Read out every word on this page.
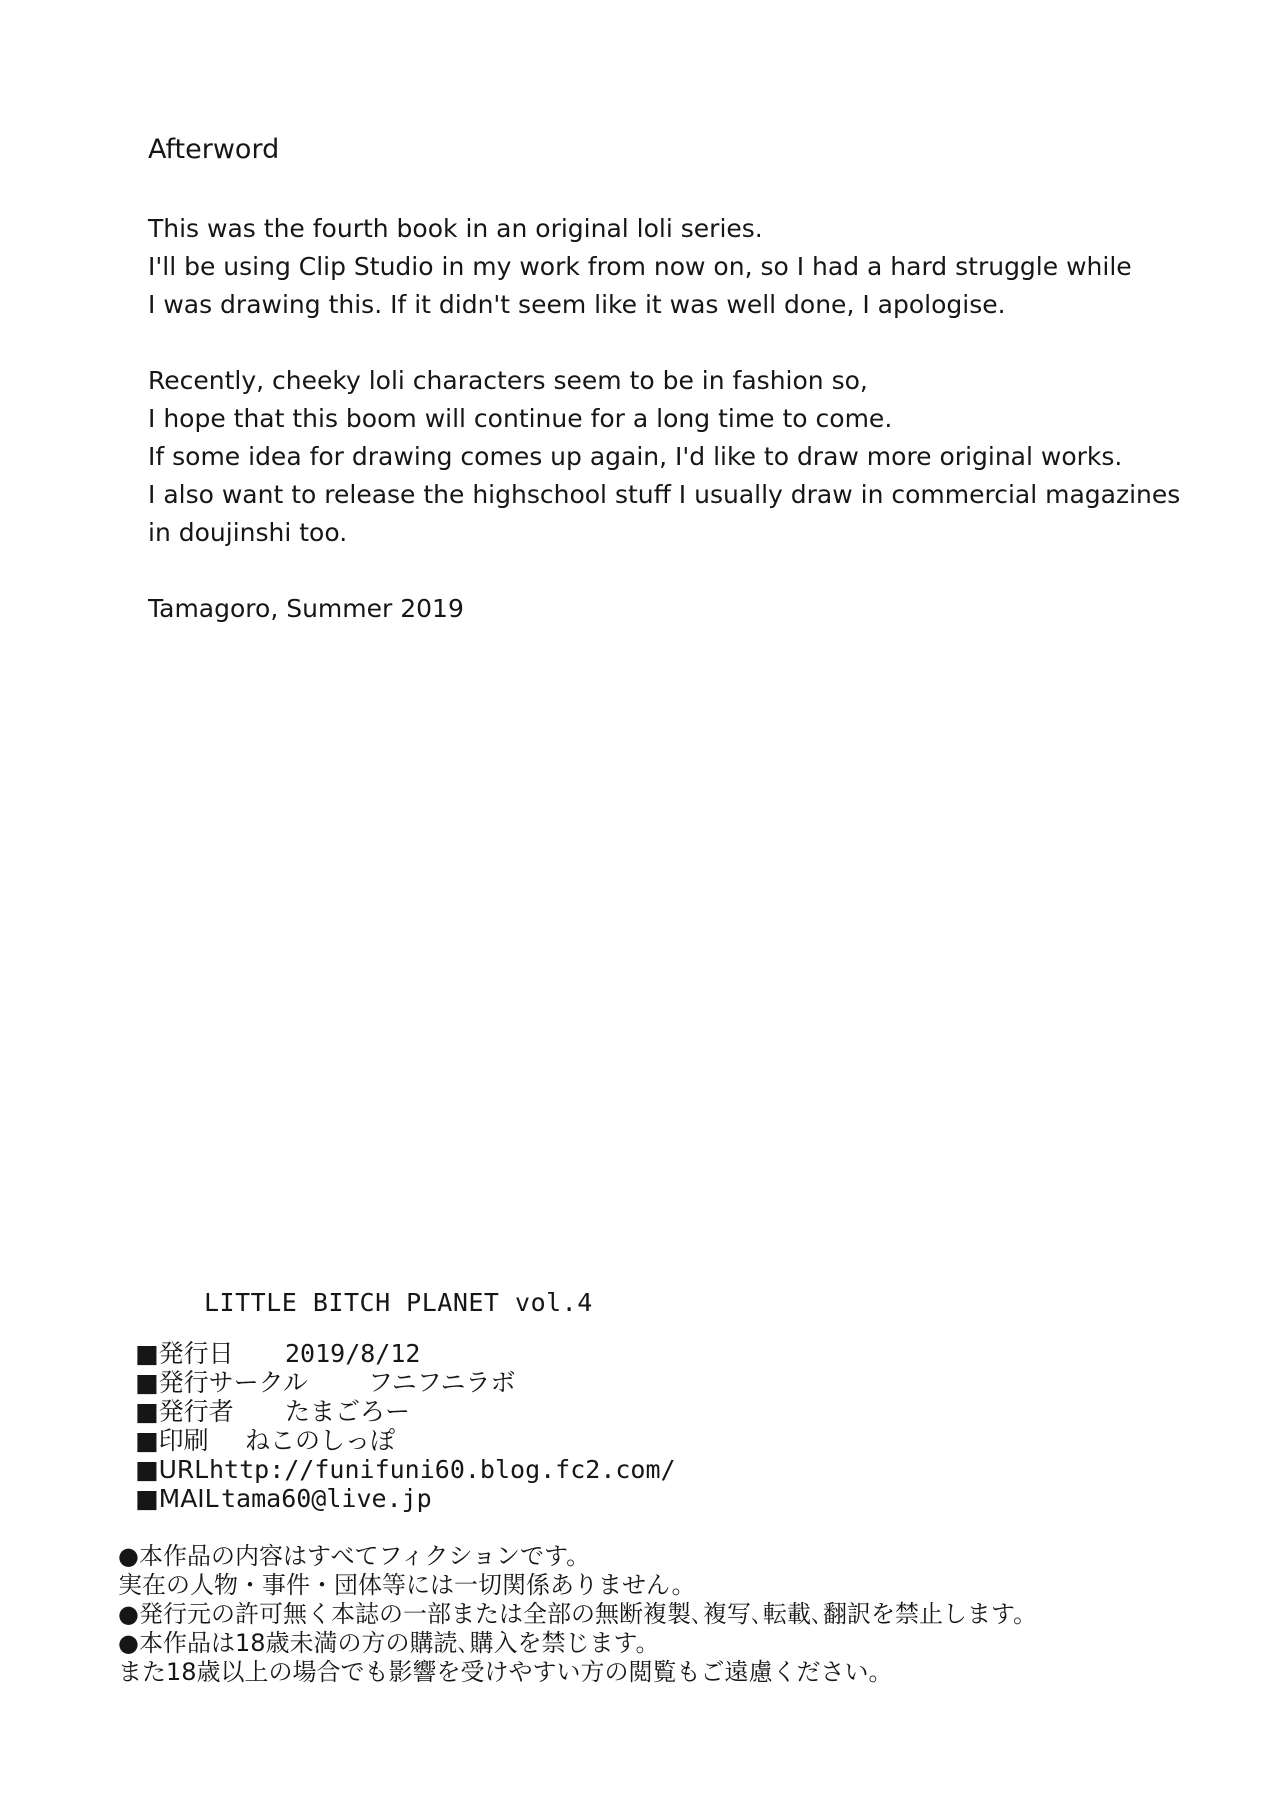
Afterword
This was the fourth book in an original loli series.
I'll be using Clip Studio in my work from now on, so I had a hard struggle while
I was drawing this. If it didn't seem like it was well done, I apologise.
Recently, cheeky loli characters seem to be in fashion so,
I hope that this boom will continue for a long time to come.
If some idea for drawing comes up again, I'd like to draw more original works.
I also want to release the highschool stuff I usually draw in commercial magazines
in doujinshi too.
Tamagoro, Summer 2019
LITTLE BITCH PLANET vol.4
■発行日	2019/8/12
■発行サークル	フニフニラボ
■発行者	たまごろー
■印刷	ねこのしっぽ
■URL http://funifuni60.blog.fc2.com/
■MAIL tama60@live.jp
●本作品の内容はすべてフィクションです。
実在の人物・事件・団体等には一切関係ありません。
●発行元の許可無く本誌の一部または全部の無断複製､複写､転載､翻訳を禁止します。
●本作品は18歳未満の方の購読､購入を禁じます。
また18歳以上の場合でも影響を受けやすい方の閲覧もご遠慮ください。
